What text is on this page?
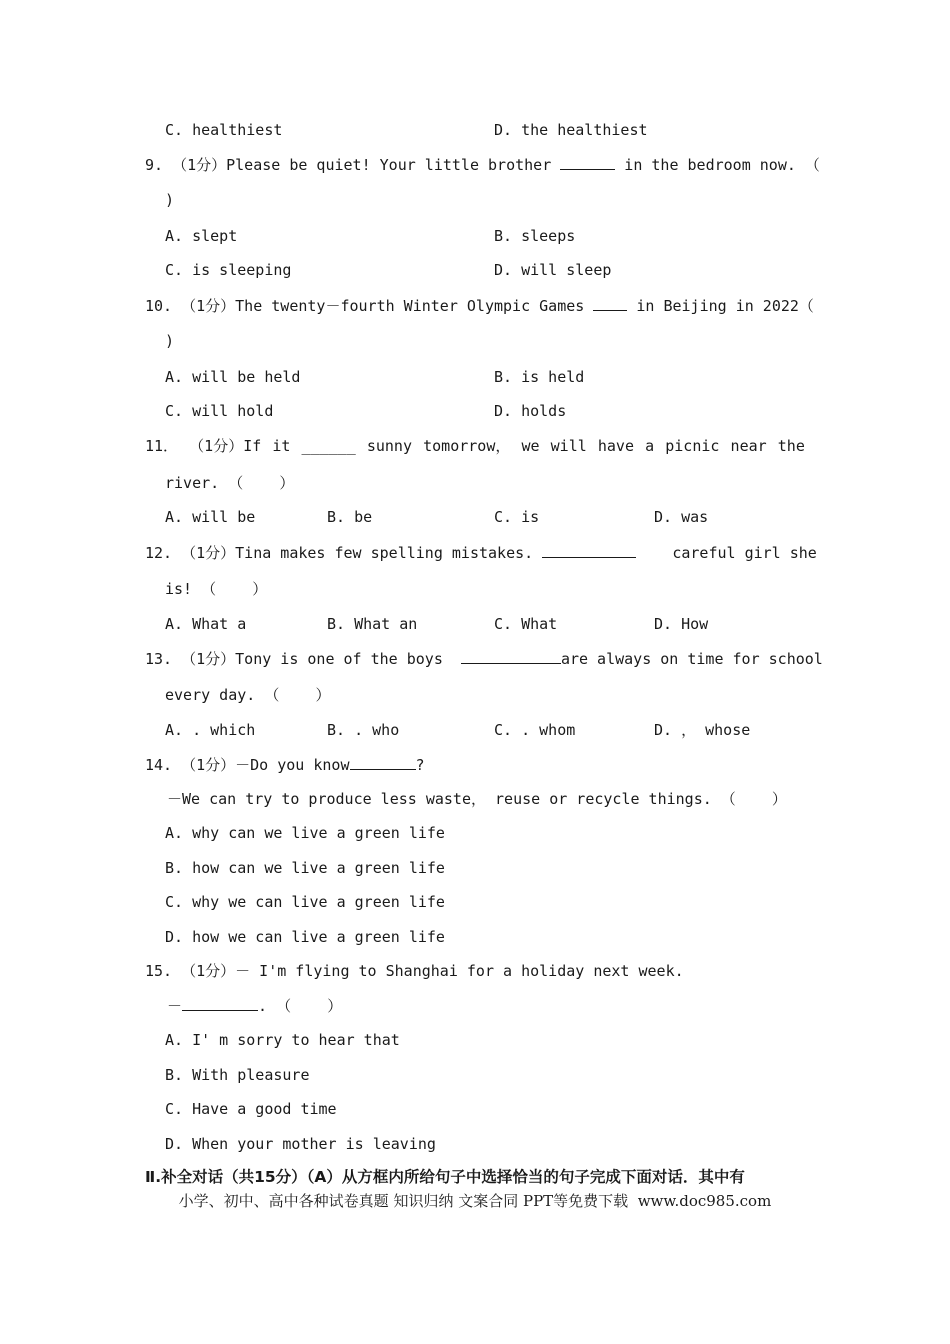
C. healthiest	D. the healthiest
9. （1分）Please be quiet! Your little brother	in the bedroom now. （
)
A. slept	B. sleeps
C. is sleeping	D. will sleep
10. （1分）The twenty－fourth Winter Olympic Games  in Beijing in 2022（
)
A. will be held	B. is held
C. will hold	D. holds
11． （1分）If it ______ sunny tomorrow， we will have a picnic near the
river. （    ）
A. will be	B. be	C. is	D. was
12. （1分）Tina makes few spelling mistakes.	careful girl she
is! （    ）
A. What a	B. What an	C. What	D. How
13. （1分）Tony is one of the boys	are always on time for school
every day. （    ）
A. . which	B. . who	C. . whom	D. ， whose
14. （1分）－Do you know	?
－We can try to produce less waste， reuse or recycle things. （    ）
A. why can we live a green life
B. how can we live a green life
C. why we can live a green life
D. how we can live a green life
15. （1分）－ I'm flying to Shanghai for a holiday next week.
－	. （    ）
A. I' m sorry to hear that
B. With pleasure
C. Have a good time
D. When your mother is leaving
Ⅱ.补全对话（共15分）（A）从方框内所给句子中选择恰当的句子完成下面对话．其中有
小学、初中、高中各种试卷真题 知识归纳 文案合同 PPT等免费下载  www.doc985.com
